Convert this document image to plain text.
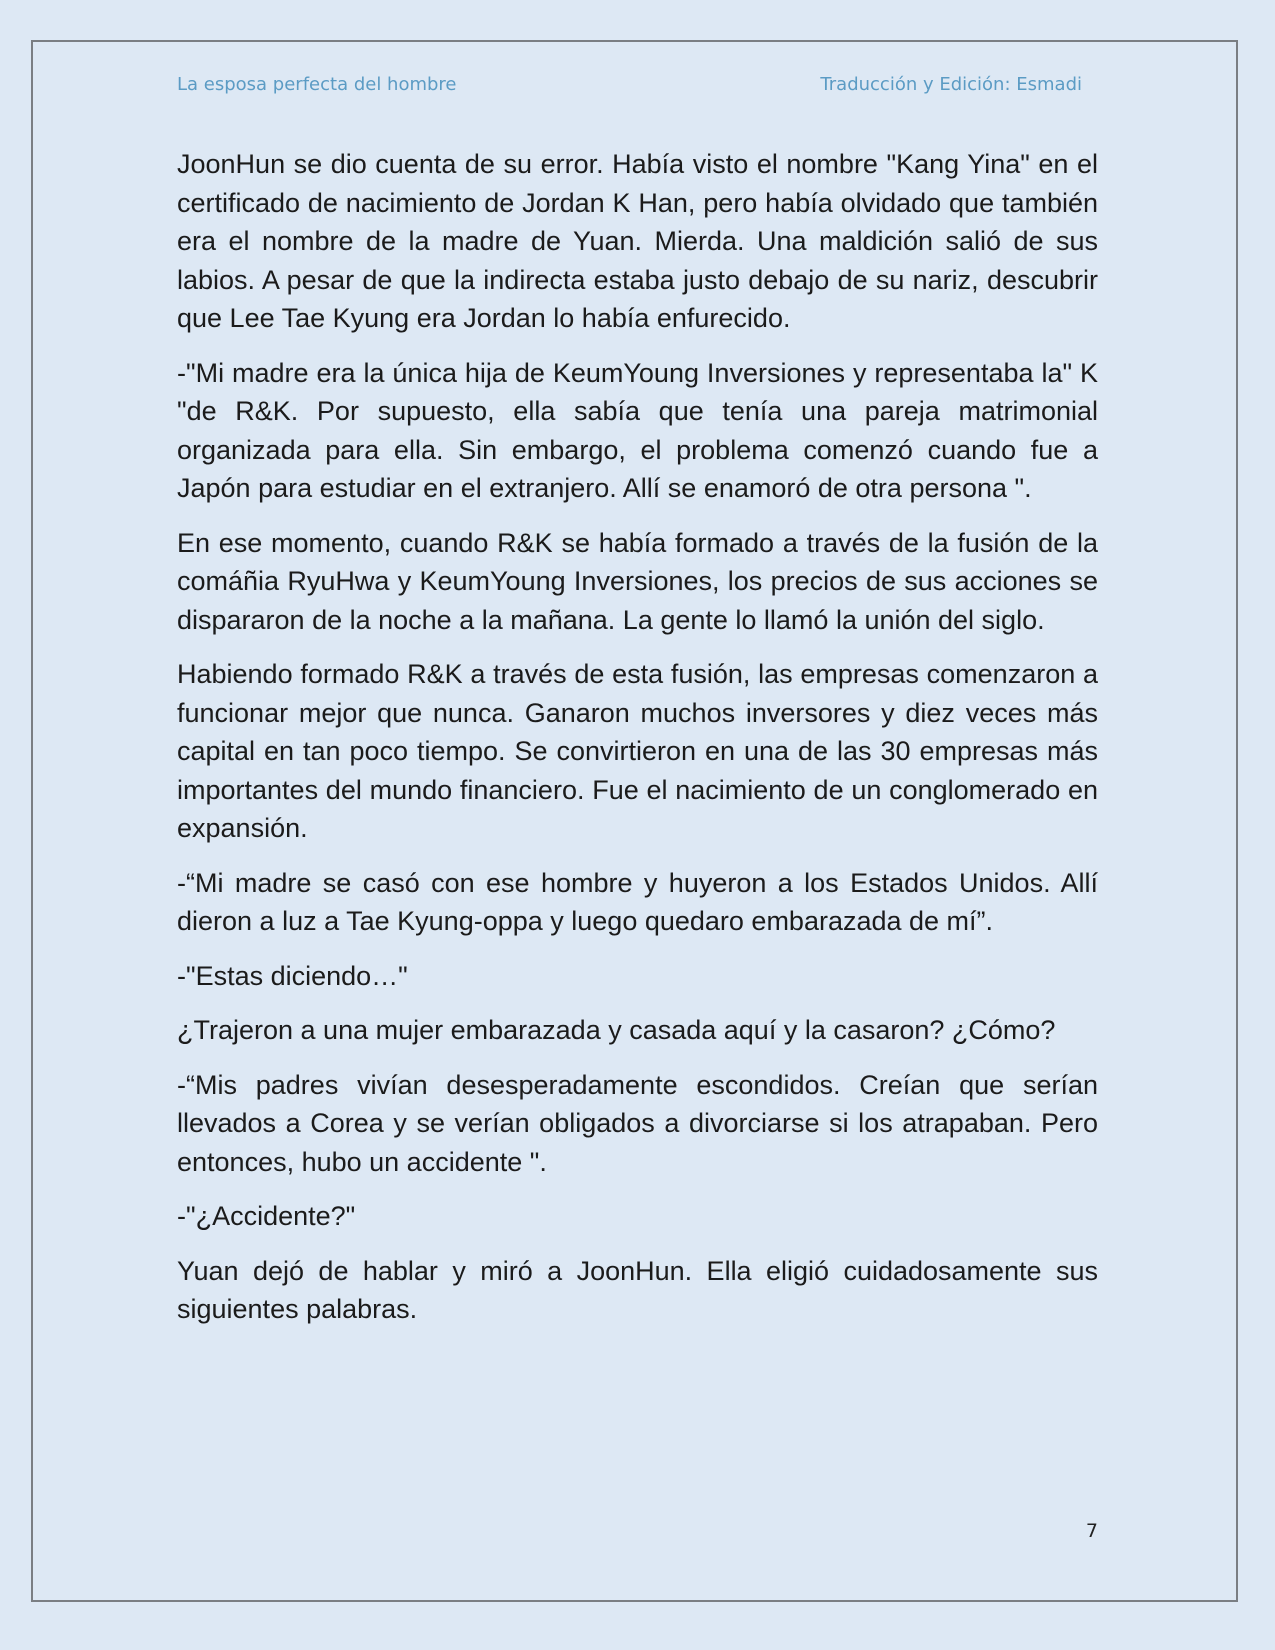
La esposa perfecta del hombre	Traducción y Edición: Esmadi

JoonHun se dio cuenta de su error. Había visto el nombre "Kang Yina" en el certificado de nacimiento de Jordan K Han, pero había olvidado que también era el nombre de la madre de Yuan. Mierda. Una maldición salió de sus labios. A pesar de que la indirecta estaba justo debajo de su nariz, descubrir que Lee Tae Kyung era Jordan lo había enfurecido.

-"Mi madre era la única hija de KeumYoung Inversiones y representaba la" K "de R&K. Por supuesto, ella sabía que tenía una pareja matrimonial organizada para ella. Sin embargo, el problema comenzó cuando fue a Japón para estudiar en el extranjero. Allí se enamoró de otra persona ".

En ese momento, cuando R&K se había formado a través de la fusión de la comáñia RyuHwa y KeumYoung Inversiones, los precios de sus acciones se dispararon de la noche a la mañana. La gente lo llamó la unión del siglo.

Habiendo formado R&K a través de esta fusión, las empresas comenzaron a funcionar mejor que nunca. Ganaron muchos inversores y diez veces más capital en tan poco tiempo. Se convirtieron en una de las 30 empresas más importantes del mundo financiero. Fue el nacimiento de un conglomerado en expansión.

-“Mi madre se casó con ese hombre y huyeron a los Estados Unidos. Allí dieron a luz a Tae Kyung-oppa y luego quedaro embarazada de mí”.

-"Estas diciendo…"

¿Trajeron a una mujer embarazada y casada aquí y la casaron? ¿Cómo?

-“Mis padres vivían desesperadamente escondidos. Creían que serían llevados a Corea y se verían obligados a divorciarse si los atrapaban. Pero entonces, hubo un accidente ".

-"¿Accidente?"

Yuan dejó de hablar y miró a JoonHun. Ella eligió cuidadosamente sus siguientes palabras.

7
